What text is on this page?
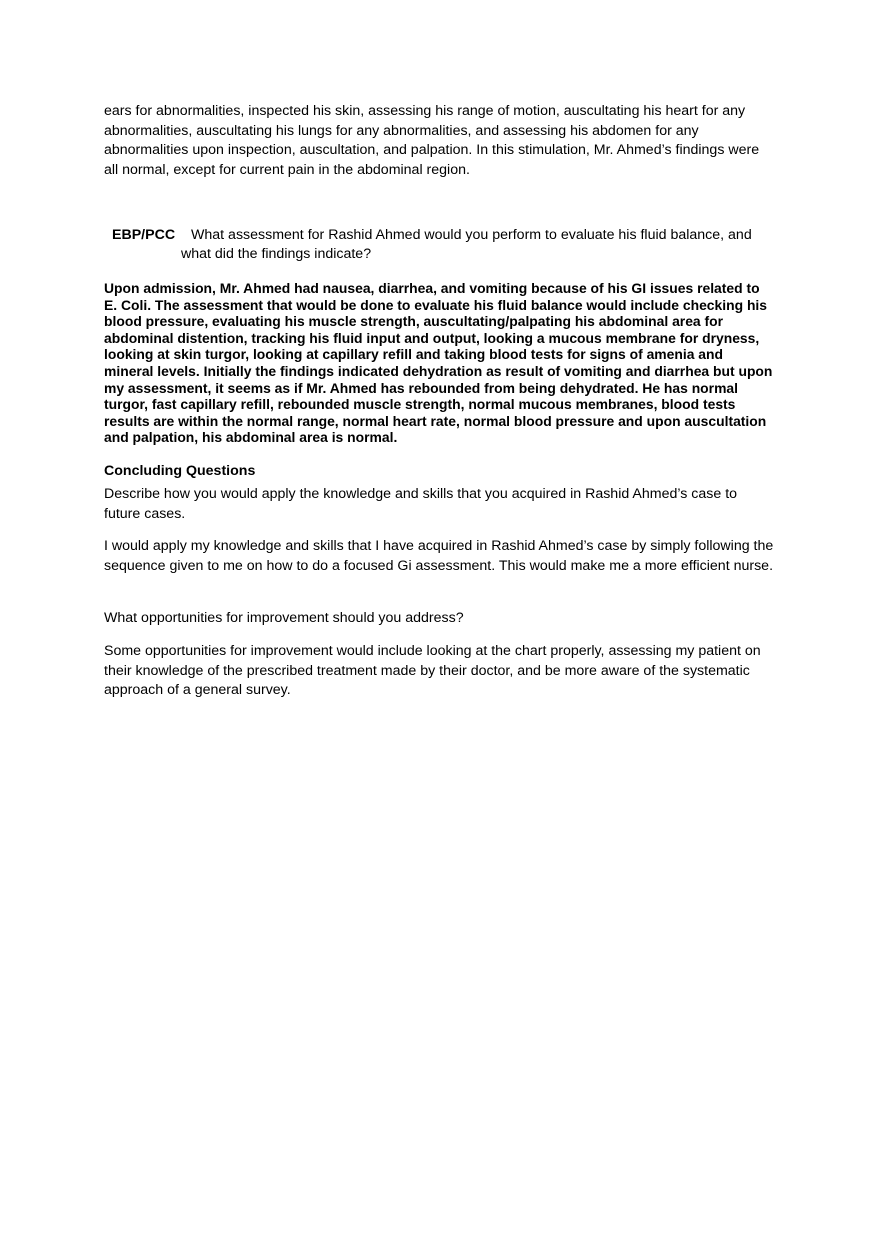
ears for abnormalities, inspected his skin, assessing his range of motion, auscultating his heart for any abnormalities, auscultating his lungs for any abnormalities, and assessing his abdomen for any abnormalities upon inspection, auscultation, and palpation. In this stimulation, Mr. Ahmed’s findings were all normal, except for current pain in the abdominal region.

EBP/PCC	What assessment for Rashid Ahmed would you perform to evaluate his fluid balance, and what did the findings indicate?

Upon admission, Mr. Ahmed had nausea, diarrhea, and vomiting because of his GI issues related to E. Coli. The assessment that would be done to evaluate his fluid balance would include checking his blood pressure, evaluating his muscle strength, auscultating/palpating his abdominal area for abdominal distention, tracking his fluid input and output, looking a mucous membrane for dryness, looking at skin turgor, looking at capillary refill and taking blood tests for signs of amenia and mineral levels. Initially the findings indicated dehydration as result of vomiting and diarrhea but upon my assessment, it seems as if Mr. Ahmed has rebounded from being dehydrated. He has normal turgor, fast capillary refill, rebounded muscle strength, normal mucous membranes, blood tests results are within the normal range, normal heart rate, normal blood pressure and upon auscultation and palpation, his abdominal area is normal.

Concluding Questions

Describe how you would apply the knowledge and skills that you acquired in Rashid Ahmed’s case to future cases.

I would apply my knowledge and skills that I have acquired in Rashid Ahmed’s case by simply following the sequence given to me on how to do a focused Gi assessment. This would make me a more efficient nurse.

What opportunities for improvement should you address?

Some opportunities for improvement would include looking at the chart properly, assessing my patient on their knowledge of the prescribed treatment made by their doctor, and be more aware of the systematic approach of a general survey.
